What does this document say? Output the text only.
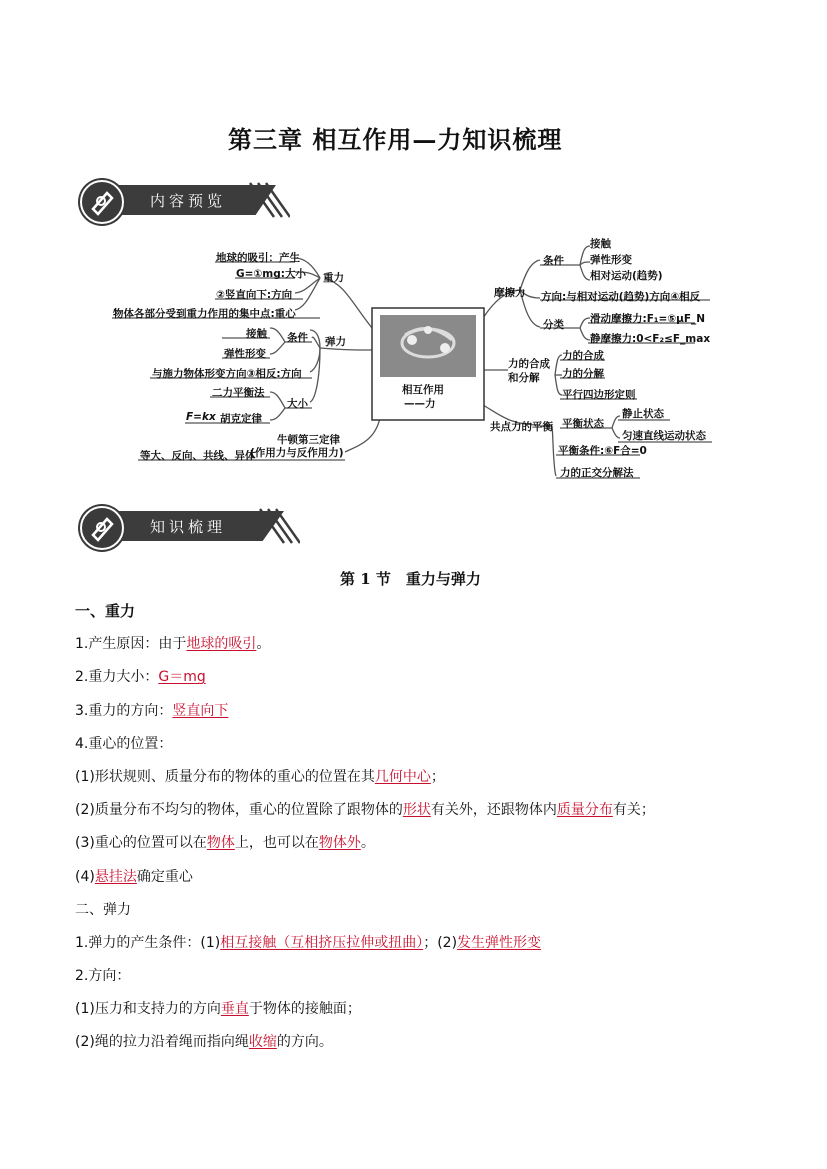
第三章 相互作用—力知识梳理
内容预览
相互作用
——力
重力
地球的吸引：产生
G=①mg:大小
②竖直向下:方向
物体各部分受到重力作用的集中点:重心
弹力
条件
接触
弹性形变
与施力物体形变方向③相反:方向
大小
二力平衡法
胡克定律
F=kx
牛顿第三定律
(作用力与反作用力)
等大、反向、共线、异体
摩擦力
条件
接触
弹性形变
相对运动(趋势)
方向:与相对运动(趋势)方向④相反
分类 滑动摩擦力:F₁=⑤μF_N
静摩擦力:0<F₂≤F_max
力的合成
和分解
力的合成
力的分解
平行四边形定则
共点力的平衡 平衡状态
静止状态
匀速直线运动状态
平衡条件:⑥F合=0
力的正交分解法
知识梳理
第 1 节　重力与弹力
一、重力
1.产生原因：由于地球的吸引。
2.重力大小：G＝mg
3.重力的方向：竖直向下
4.重心的位置：
(1)形状规则、质量分布的物体的重心的位置在其几何中心；
(2)质量分布不均匀的物体，重心的位置除了跟物体的形状有关外，还跟物体内质量分布有关；
(3)重心的位置可以在物体上，也可以在物体外。
(4)悬挂法确定重心
二、弹力
1.弹力的产生条件：(1)相互接触（互相挤压拉伸或扭曲）；(2)发生弹性形变
2.方向：
(1)压力和支持力的方向垂直于物体的接触面；
(2)绳的拉力沿着绳而指向绳收缩的方向。
